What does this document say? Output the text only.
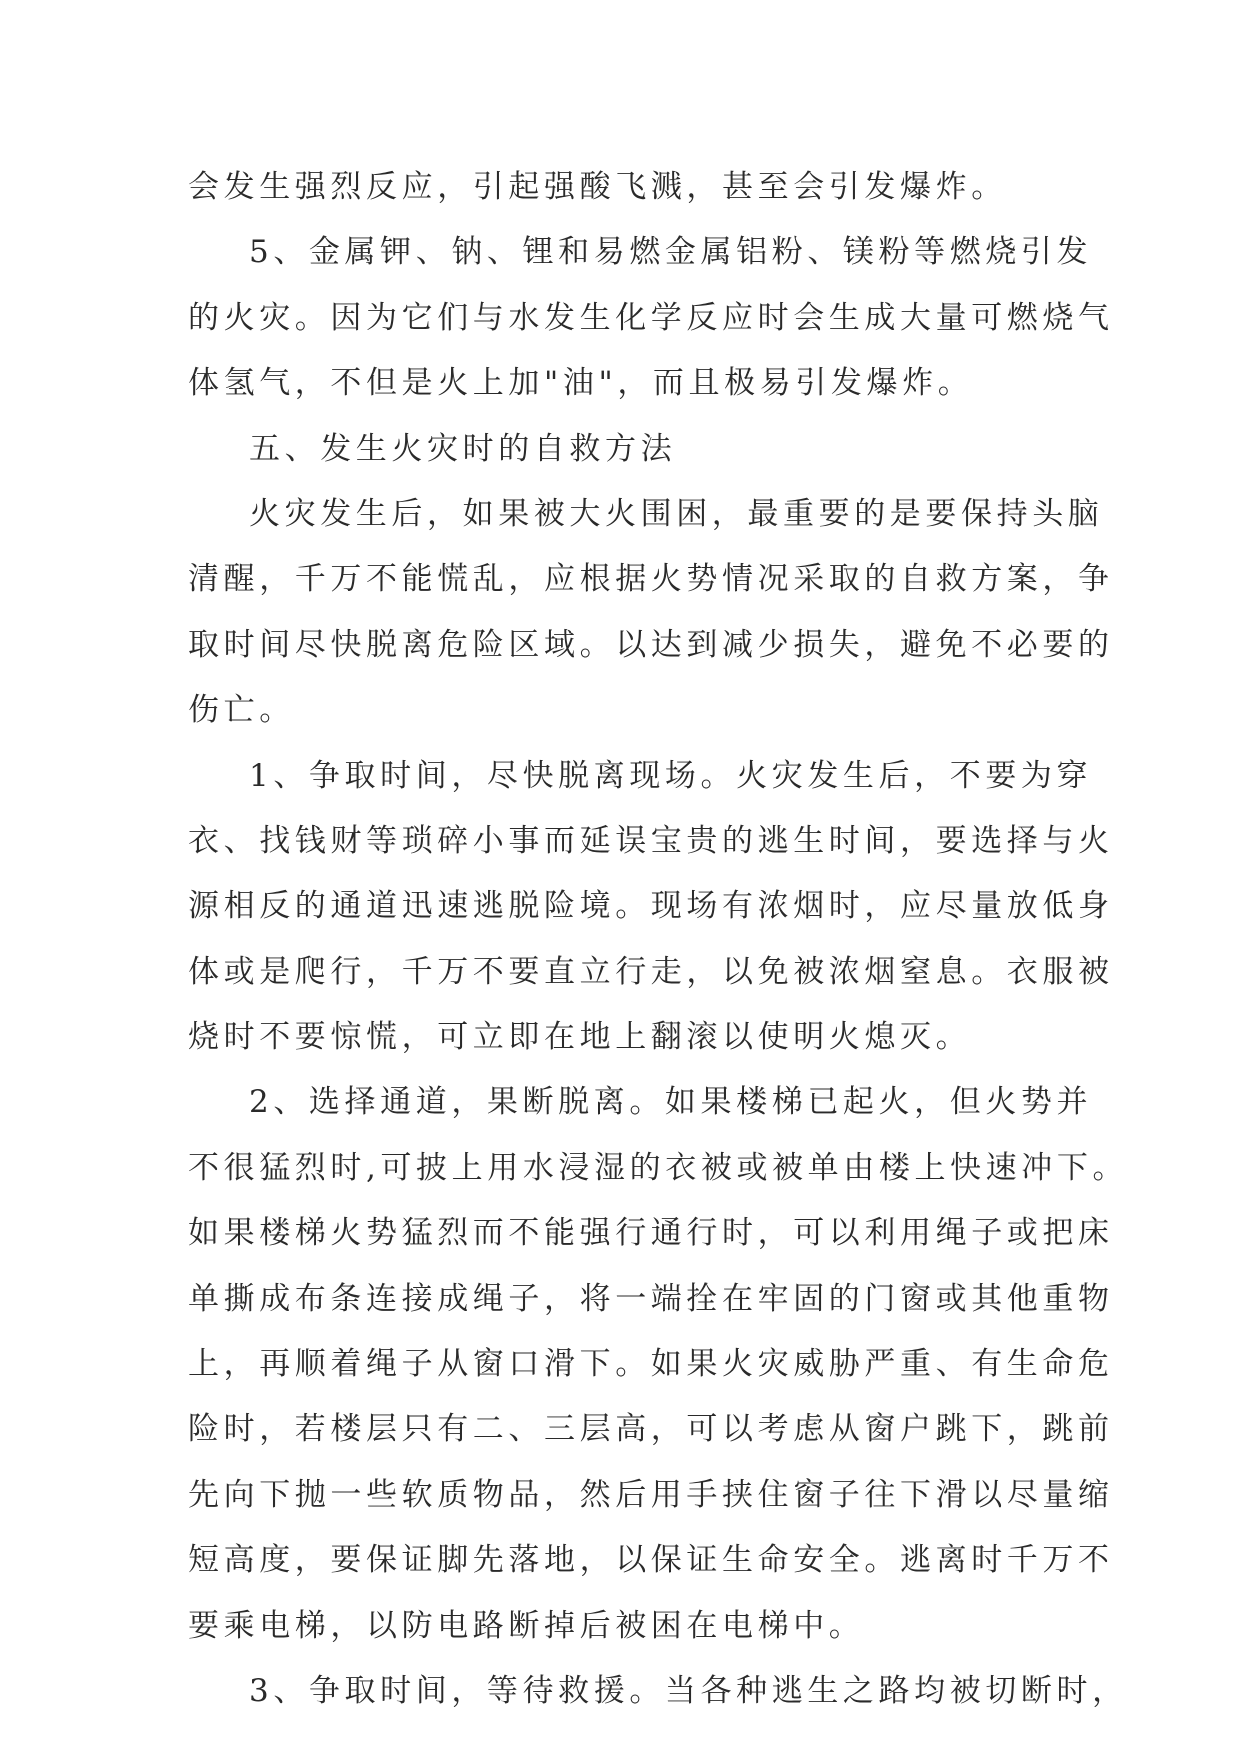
会发生强烈反应，引起强酸飞溅，甚至会引发爆炸。
5、金属钾、钠、锂和易燃金属铝粉、镁粉等燃烧引发
的火灾。因为它们与水发生化学反应时会生成大量可燃烧气
体氢气，不但是火上加"油"，而且极易引发爆炸。
五、发生火灾时的自救方法
火灾发生后，如果被大火围困，最重要的是要保持头脑
清醒，千万不能慌乱，应根据火势情况采取的自救方案，争
取时间尽快脱离危险区域。以达到减少损失，避免不必要的
伤亡。
1、争取时间，尽快脱离现场。火灾发生后，不要为穿
衣、找钱财等琐碎小事而延误宝贵的逃生时间，要选择与火
源相反的通道迅速逃脱险境。现场有浓烟时，应尽量放低身
体或是爬行，千万不要直立行走，以免被浓烟窒息。衣服被
烧时不要惊慌，可立即在地上翻滚以使明火熄灭。
2、选择通道，果断脱离。如果楼梯已起火，但火势并
不很猛烈时,可披上用水浸湿的衣被或被单由楼上快速冲下。
如果楼梯火势猛烈而不能强行通行时，可以利用绳子或把床
单撕成布条连接成绳子，将一端拴在牢固的门窗或其他重物
上，再顺着绳子从窗口滑下。如果火灾威胁严重、有生命危
险时，若楼层只有二、三层高，可以考虑从窗户跳下，跳前
先向下抛一些软质物品，然后用手挟住窗子往下滑以尽量缩
短高度，要保证脚先落地，以保证生命安全。逃离时千万不
要乘电梯，以防电路断掉后被困在电梯中。
3、争取时间，等待救援。当各种逃生之路均被切断时，
